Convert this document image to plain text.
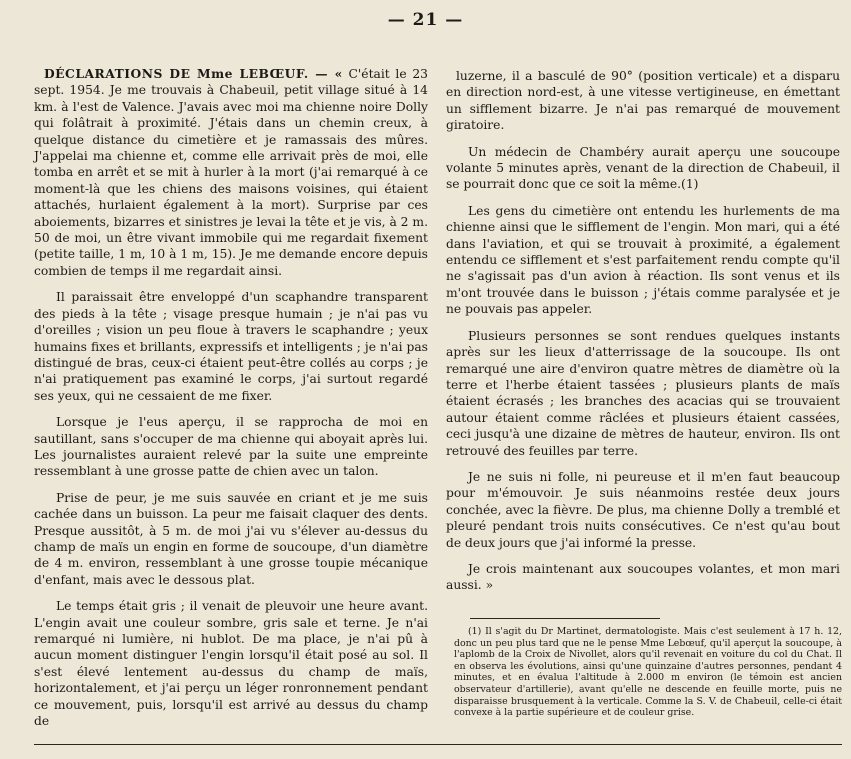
— 21 —

DÉCLARATIONS DE Mme LEBŒUF. — « C'était le 23 sept. 1954. Je me trouvais à Chabeuil, petit village situé à 14 km. à l'est de Valence. J'avais avec moi ma chienne noire Dolly qui folâtrait à proximité. J'étais dans un chemin creux, à quelque distance du cimetière et je ramassais des mûres. J'appelai ma chienne et, comme elle arrivait près de moi, elle tomba en arrêt et se mit à hurler à la mort (j'ai remarqué à ce moment-là que les chiens des maisons voisines, qui étaient attachés, hurlaient également à la mort). Surprise par ces aboiements, bizarres et sinistres je levai la tête et je vis, à 2 m. 50 de moi, un être vivant immobile qui me regardait fixement (petite taille, 1 m, 10 à 1 m, 15). Je me demande encore depuis combien de temps il me regardait ainsi.

Il paraissait être enveloppé d'un scaphandre transparent des pieds à la tête ; visage presque humain ; je n'ai pas vu d'oreilles ; vision un peu floue à travers le scaphandre ; yeux humains fixes et brillants, expressifs et intelligents ; je n'ai pas distingué de bras, ceux-ci étaient peut-être collés au corps ; je n'ai pratiquement pas examiné le corps, j'ai surtout regardé ses yeux, qui ne cessaient de me fixer.

Lorsque je l'eus aperçu, il se rapprocha de moi en sautillant, sans s'occuper de ma chienne qui aboyait après lui. Les journalistes auraient relevé par la suite une empreinte ressemblant à une grosse patte de chien avec un talon.

Prise de peur, je me suis sauvée en criant et je me suis cachée dans un buisson. La peur me faisait claquer des dents. Presque aussitôt, à 5 m. de moi j'ai vu s'élever au-dessus du champ de maïs un engin en forme de soucoupe, d'un diamètre de 4 m. environ, ressemblant à une grosse toupie mécanique d'enfant, mais avec le dessous plat.

Le temps était gris ; il venait de pleuvoir une heure avant. L'engin avait une couleur sombre, gris sale et terne. Je n'ai remarqué ni lumière, ni hublot. De ma place, je n'ai pû à aucun moment distinguer l'engin lorsqu'il était posé au sol. Il s'est élevé lentement au-dessus du champ de maïs, horizontalement, et j'ai perçu un léger ronronnement pendant ce mouvement, puis, lorsqu'il est arrivé au dessus du champ de

luzerne, il a basculé de 90° (position verticale) et a disparu en direction nord-est, à une vitesse vertigineuse, en émettant un sifflement bizarre. Je n'ai pas remarqué de mouvement giratoire.

Un médecin de Chambéry aurait aperçu une soucoupe volante 5 minutes après, venant de la direction de Chabeuil, il se pourrait donc que ce soit la même.(1)

Les gens du cimetière ont entendu les hurlements de ma chienne ainsi que le sifflement de l'engin. Mon mari, qui a été dans l'aviation, et qui se trouvait à proximité, a également entendu ce sifflement et s'est parfaitement rendu compte qu'il ne s'agissait pas d'un avion à réaction. Ils sont venus et ils m'ont trouvée dans le buisson ; j'étais comme paralysée et je ne pouvais pas appeler.

Plusieurs personnes se sont rendues quelques instants après sur les lieux d'atterrissage de la soucoupe. Ils ont remarqué une aire d'environ quatre mètres de diamètre où la terre et l'herbe étaient tassées ; plusieurs plants de maïs étaient écrasés ; les branches des acacias qui se trouvaient autour étaient comme râclées et plusieurs étaient cassées, ceci jusqu'à une dizaine de mètres de hauteur, environ. Ils ont retrouvé des feuilles par terre.

Je ne suis ni folle, ni peureuse et il m'en faut beaucoup pour m'émouvoir. Je suis néanmoins restée deux jours conchée, avec la fièvre. De plus, ma chienne Dolly a tremblé et pleuré pendant trois nuits consécutives. Ce n'est qu'au bout de deux jours que j'ai informé la presse.

Je crois maintenant aux soucoupes volantes, et mon mari aussi. »

(1) Il s'agit du Dr Martinet, dermatologiste. Mais c'est seulement à 17 h. 12, donc un peu plus tard que ne le pense Mme Lebœuf, qu'il aperçut la soucoupe, à l'aplomb de la Croix de Nivollet, alors qu'il revenait en voiture du col du Chat. Il en observa les évolutions, ainsi qu'une quinzaine d'autres personnes, pendant 4 minutes, et en évalua l'altitude à 2.000 m environ (le témoin est ancien observateur d'artillerie), avant qu'elle ne descende en feuille morte, puis ne disparaisse brusquement à la verticale. Comme la S. V. de Chabeuil, celle-ci était convexe à la partie supérieure et de couleur grise.
